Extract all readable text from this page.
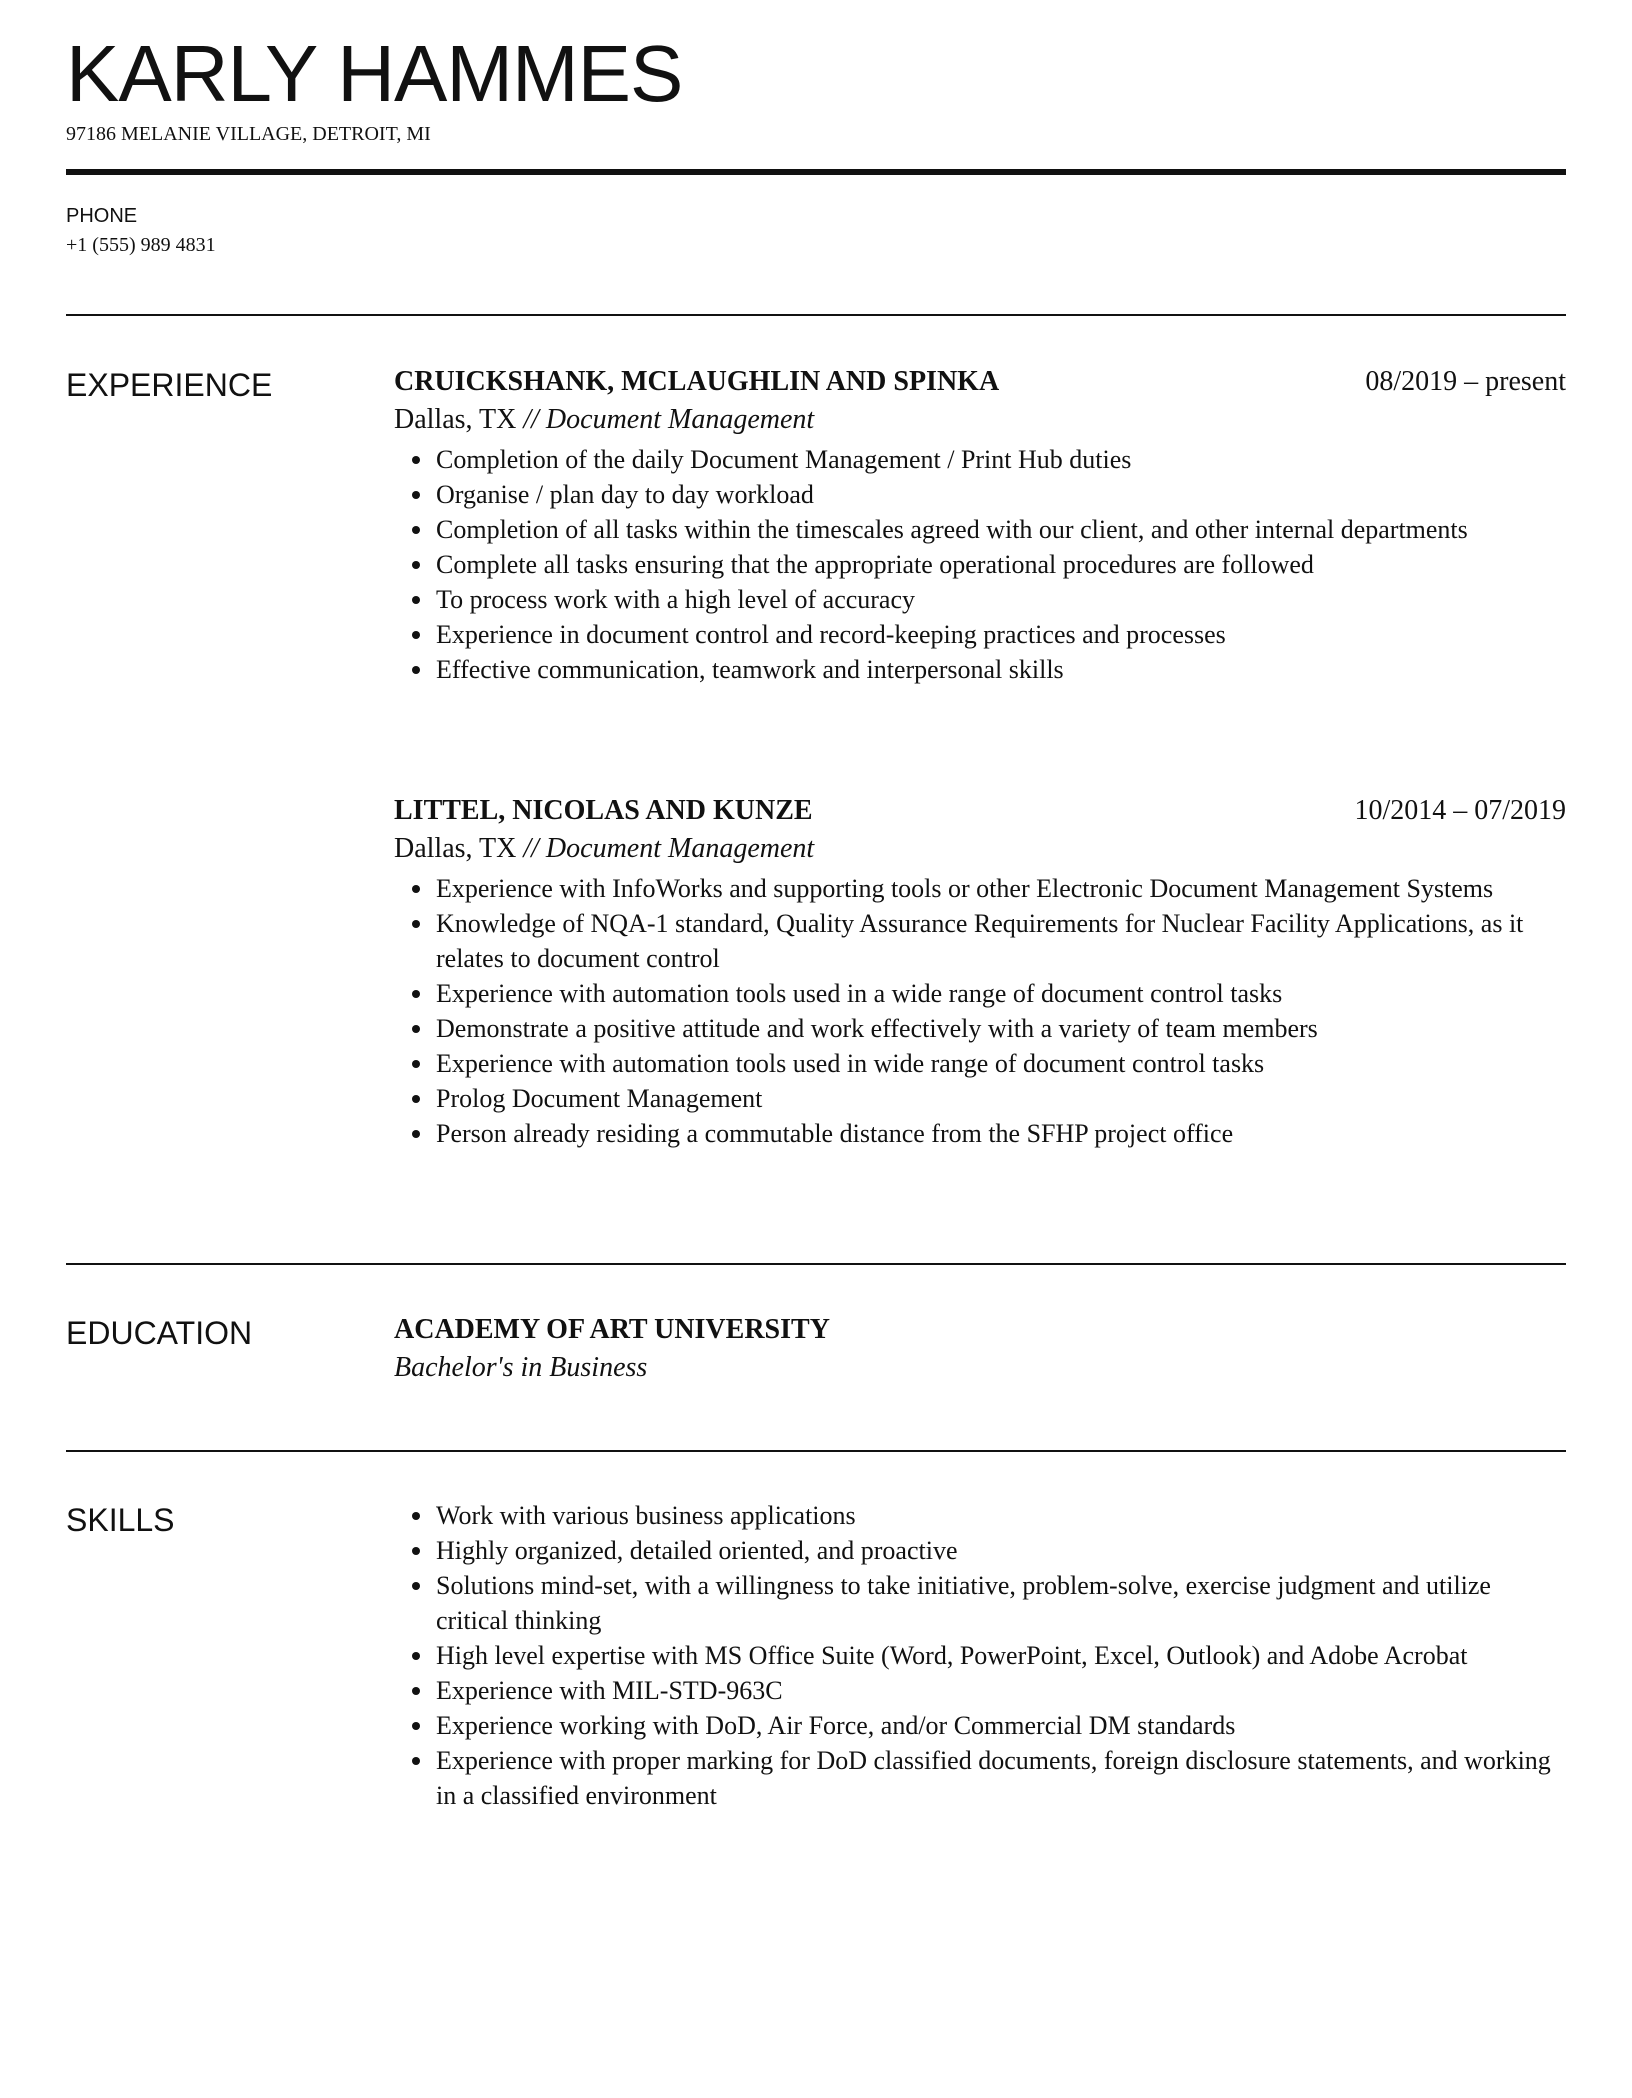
KARLY HAMMES
97186 MELANIE VILLAGE, DETROIT, MI
PHONE
+1 (555) 989 4831
EXPERIENCE	CRUICKSHANK, MCLAUGHLIN AND SPINKA	08/2019 – present
Dallas, TX // Document Management
Completion of the daily Document Management / Print Hub duties
Organise / plan day to day workload
Completion of all tasks within the timescales agreed with our client, and other internal departments
Complete all tasks ensuring that the appropriate operational procedures are followed
To process work with a high level of accuracy
Experience in document control and record-keeping practices and processes
Effective communication, teamwork and interpersonal skills
LITTEL, NICOLAS AND KUNZE	10/2014 – 07/2019
Dallas, TX // Document Management
Experience with InfoWorks and supporting tools or other Electronic Document Management Systems
Knowledge of NQA-1 standard, Quality Assurance Requirements for Nuclear Facility Applications, as it relates to document control
Experience with automation tools used in a wide range of document control tasks
Demonstrate a positive attitude and work effectively with a variety of team members
Experience with automation tools used in wide range of document control tasks
Prolog Document Management
Person already residing a commutable distance from the SFHP project office
EDUCATION	ACADEMY OF ART UNIVERSITY
Bachelor's in Business
SKILLS	Work with various business applications
Highly organized, detailed oriented, and proactive
Solutions mind-set, with a willingness to take initiative, problem-solve, exercise judgment and utilize critical thinking
High level expertise with MS Office Suite (Word, PowerPoint, Excel, Outlook) and Adobe Acrobat
Experience with MIL-STD-963C
Experience working with DoD, Air Force, and/or Commercial DM standards
Experience with proper marking for DoD classified documents, foreign disclosure statements, and working in a classified environment
